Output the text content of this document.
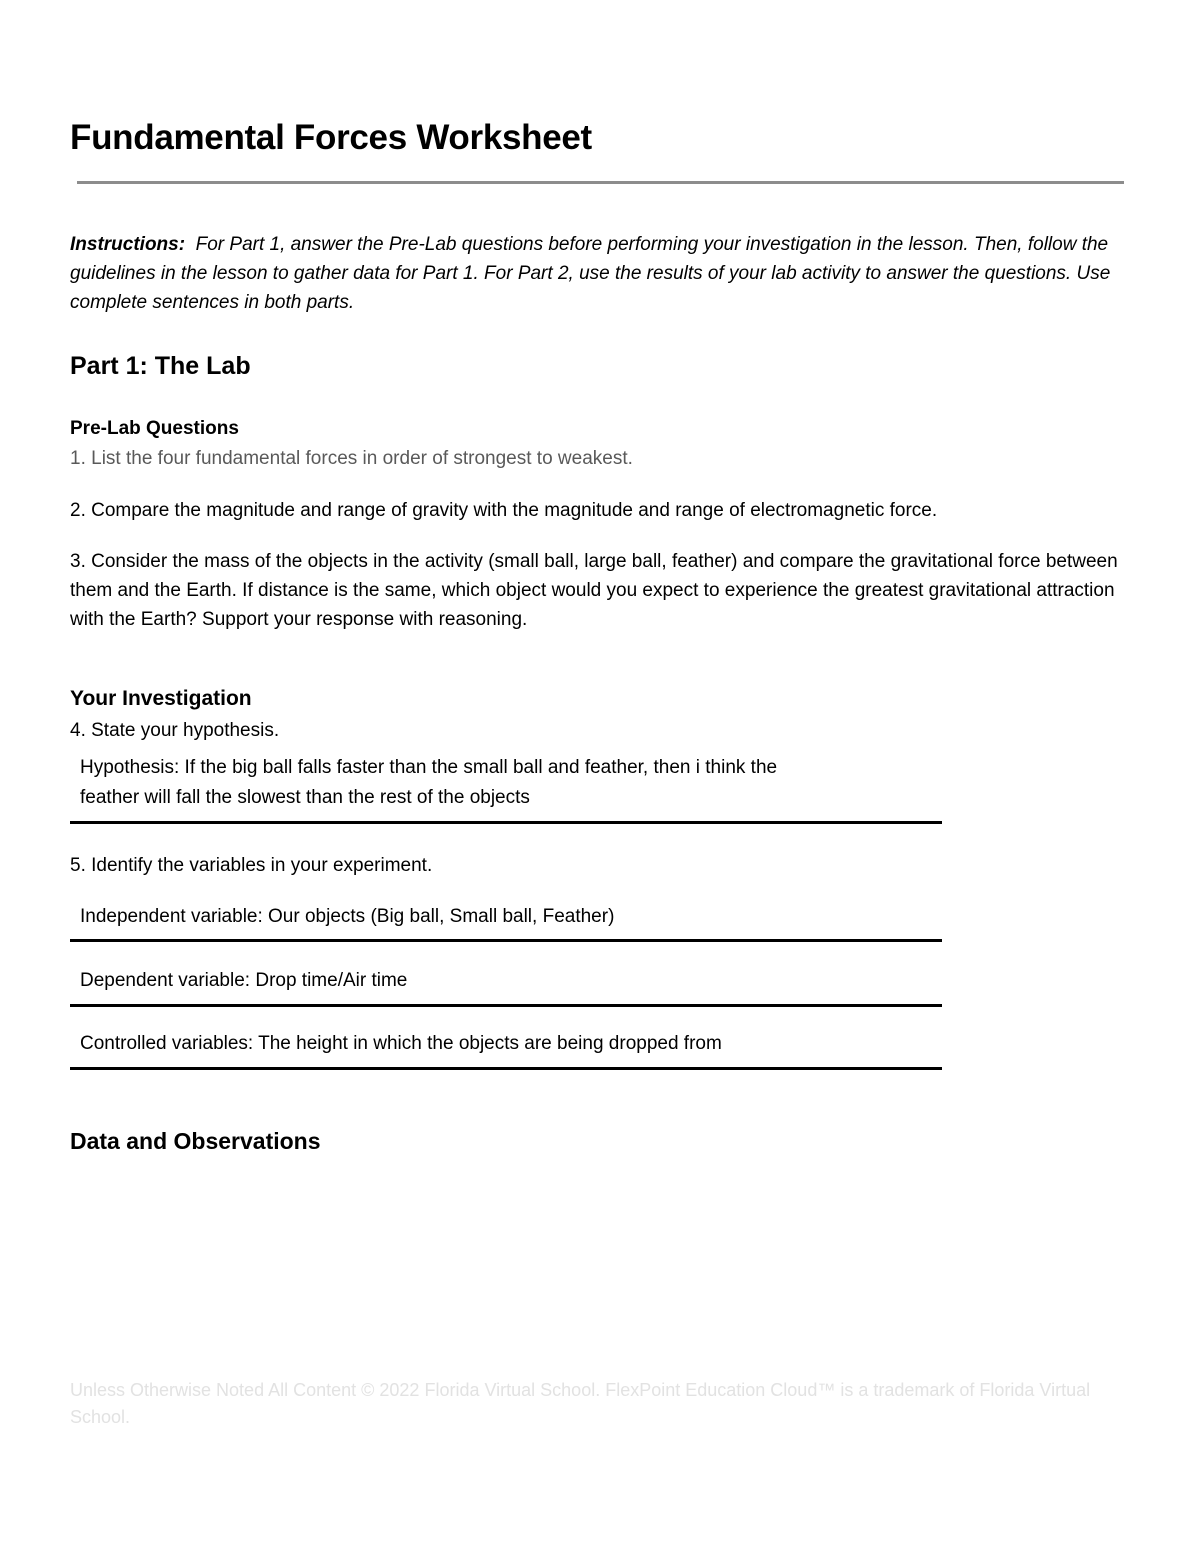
Fundamental Forces Worksheet

Instructions: For Part 1, answer the Pre-Lab questions before performing your investigation in the lesson. Then, follow the guidelines in the lesson to gather data for Part 1. For Part 2, use the results of your lab activity to answer the questions. Use complete sentences in both parts.

Part 1: The Lab
Pre-Lab Questions

1. List the four fundamental forces in order of strongest to weakest.

2. Compare the magnitude and range of gravity with the magnitude and range of electromagnetic force.

3. Consider the mass of the objects in the activity (small ball, large ball, feather) and compare the gravitational force between them and the Earth. If distance is the same, which object would you expect to experience the greatest gravitational attraction with the Earth? Support your response with reasoning.

Your Investigation

4. State your hypothesis.

Hypothesis: If the big ball falls faster than the small ball and feather, then i think the

feather will fall the slowest than the rest of the objects

5. Identify the variables in your experiment.

Independent variable: Our objects (Big ball, Small ball, Feather)

Dependent variable: Drop time/Air time

Controlled variables: The height in which the objects are being dropped from

Data and Observations

Unless Otherwise Noted All Content © 2022 Florida Virtual School. FlexPoint Education Cloud™ is a trademark of Florida Virtual School.
